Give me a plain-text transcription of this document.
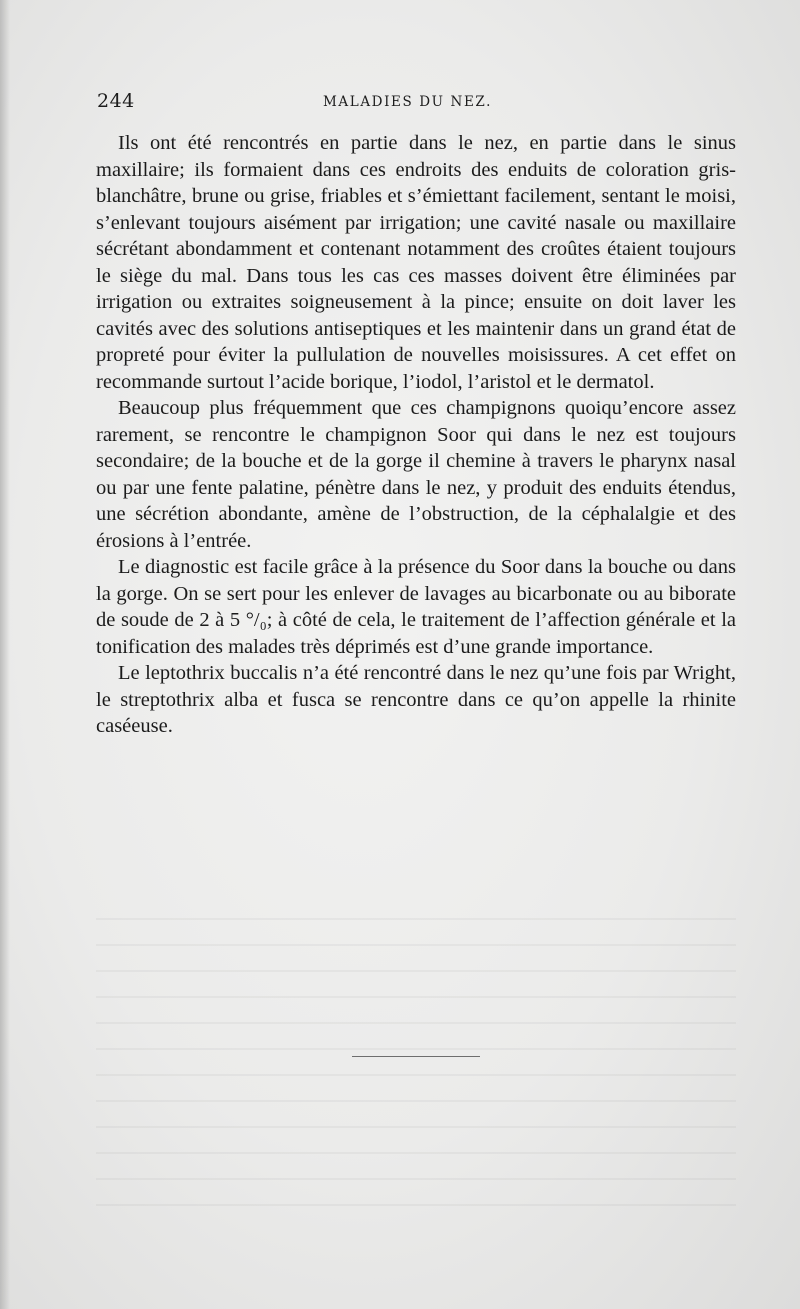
244	MALADIES DU NEZ.

Ils ont été rencontrés en partie dans le nez, en partie dans le sinus maxillaire; ils formaient dans ces endroits des enduits de coloration gris-blanchâtre, brune ou grise, friables et s’émiettant facilement, sentant le moisi, s’enlevant toujours aisément par irrigation; une cavité nasale ou maxillaire sécrétant abondamment et contenant notamment des croûtes étaient toujours le siège du mal. Dans tous les cas ces masses doivent être éliminées par irrigation ou extraites soigneusement à la pince; ensuite on doit laver les cavités avec des solutions antiseptiques et les maintenir dans un grand état de propreté pour éviter la pullulation de nouvelles moisissures. A cet effet on recommande surtout l’acide borique, l’iodol, l’aristol et le dermatol.

Beaucoup plus fréquemment que ces champignons quoiqu’encore assez rarement, se rencontre le champignon Soor qui dans le nez est toujours secondaire; de la bouche et de la gorge il chemine à travers le pharynx nasal ou par une fente palatine, pénètre dans le nez, y produit des enduits étendus, une sécrétion abondante, amène de l’obstruction, de la céphalalgie et des érosions à l’entrée.

Le diagnostic est facile grâce à la présence du Soor dans la bouche ou dans la gorge. On se sert pour les enlever de lavages au bicarbonate ou au biborate de soude de 2 à 5 °/₀; à côté de cela, le traitement de l’affection générale et la tonification des malades très déprimés est d’une grande importance.

Le leptothrix buccalis n’a été rencontré dans le nez qu’une fois par Wright, le streptothrix alba et fusca se rencontre dans ce qu’on appelle la rhinite caséeuse.
